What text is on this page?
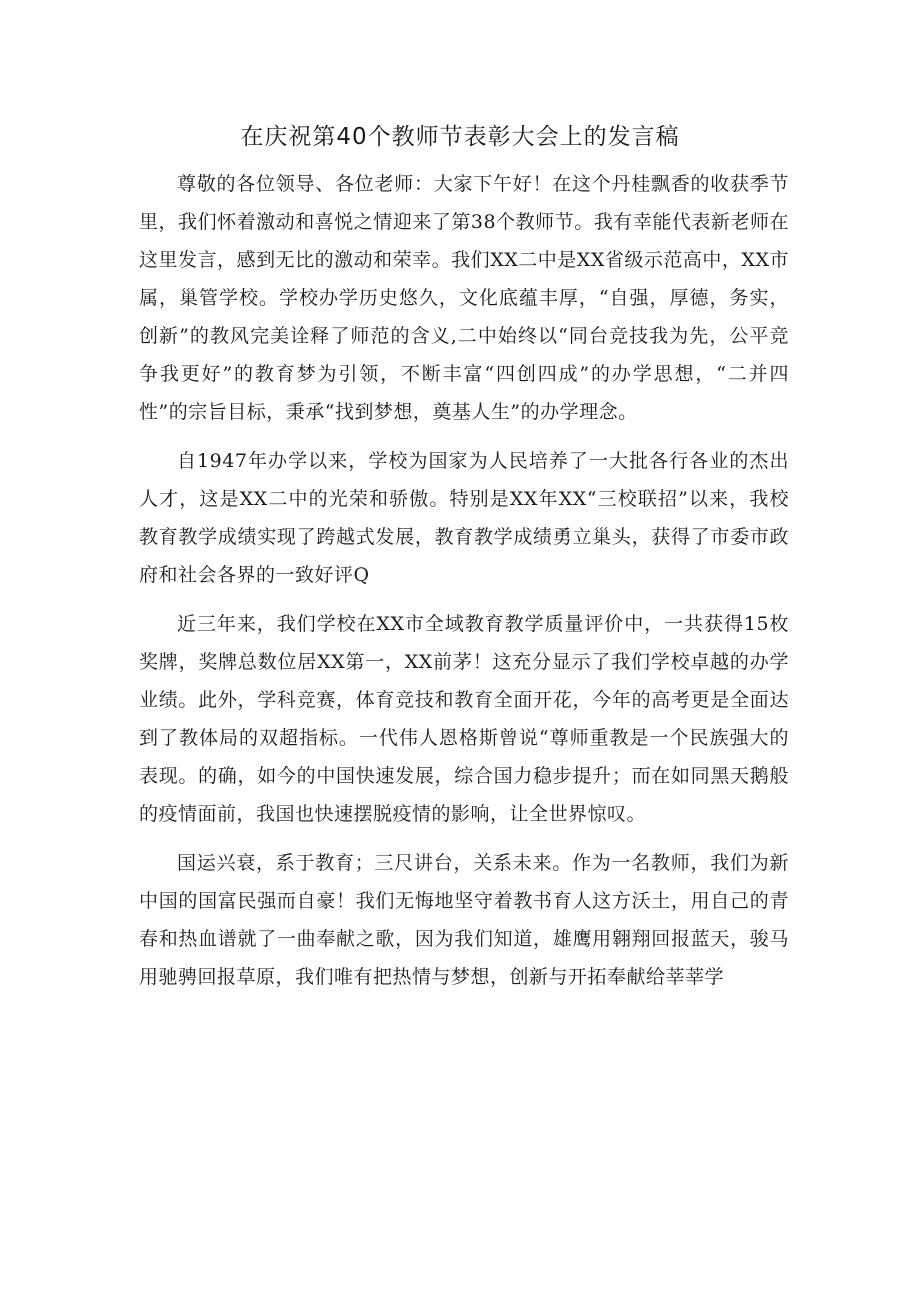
在庆祝第40个教师节表彰大会上的发言稿

尊敬的各位领导、各位老师：大家下午好！在这个丹桂飘香的收获季节里，我们怀着激动和喜悦之情迎来了第38个教师节。我有幸能代表新老师在这里发言，感到无比的激动和荣幸。我们XX二中是XX省级示范高中，XX市属，巢管学校。学校办学历史悠久，文化底蕴丰厚，“自强，厚德，务实，创新”的教风完美诠释了师范的含义,二中始终以“同台竞技我为先，公平竞争我更好”的教育梦为引领，不断丰富“四创四成”的办学思想，“二并四性”的宗旨目标，秉承“找到梦想，奠基人生”的办学理念。

自1947年办学以来，学校为国家为人民培养了一大批各行各业的杰出人才，这是XX二中的光荣和骄傲。特别是XX年XX“三校联招”以来，我校教育教学成绩实现了跨越式发展，教育教学成绩勇立巢头，获得了市委市政府和社会各界的一致好评Q

近三年来，我们学校在XX市全域教育教学质量评价中，一共获得15枚奖牌，奖牌总数位居XX第一，XX前茅！这充分显示了我们学校卓越的办学业绩。此外，学科竞赛，体育竞技和教育全面开花，今年的高考更是全面达到了教体局的双超指标。一代伟人恩格斯曾说“尊师重教是一个民族强大的表现。的确，如今的中国快速发展，综合国力稳步提升；而在如同黑天鹅般的疫情面前，我国也快速摆脱疫情的影响，让全世界惊叹。

国运兴衰，系于教育；三尺讲台，关系未来。作为一名教师，我们为新中国的国富民强而自豪！我们无悔地坚守着教书育人这方沃土，用自己的青春和热血谱就了一曲奉献之歌，因为我们知道，雄鹰用翱翔回报蓝天，骏马用驰骋回报草原，我们唯有把热情与梦想，创新与开拓奉献给莘莘学
